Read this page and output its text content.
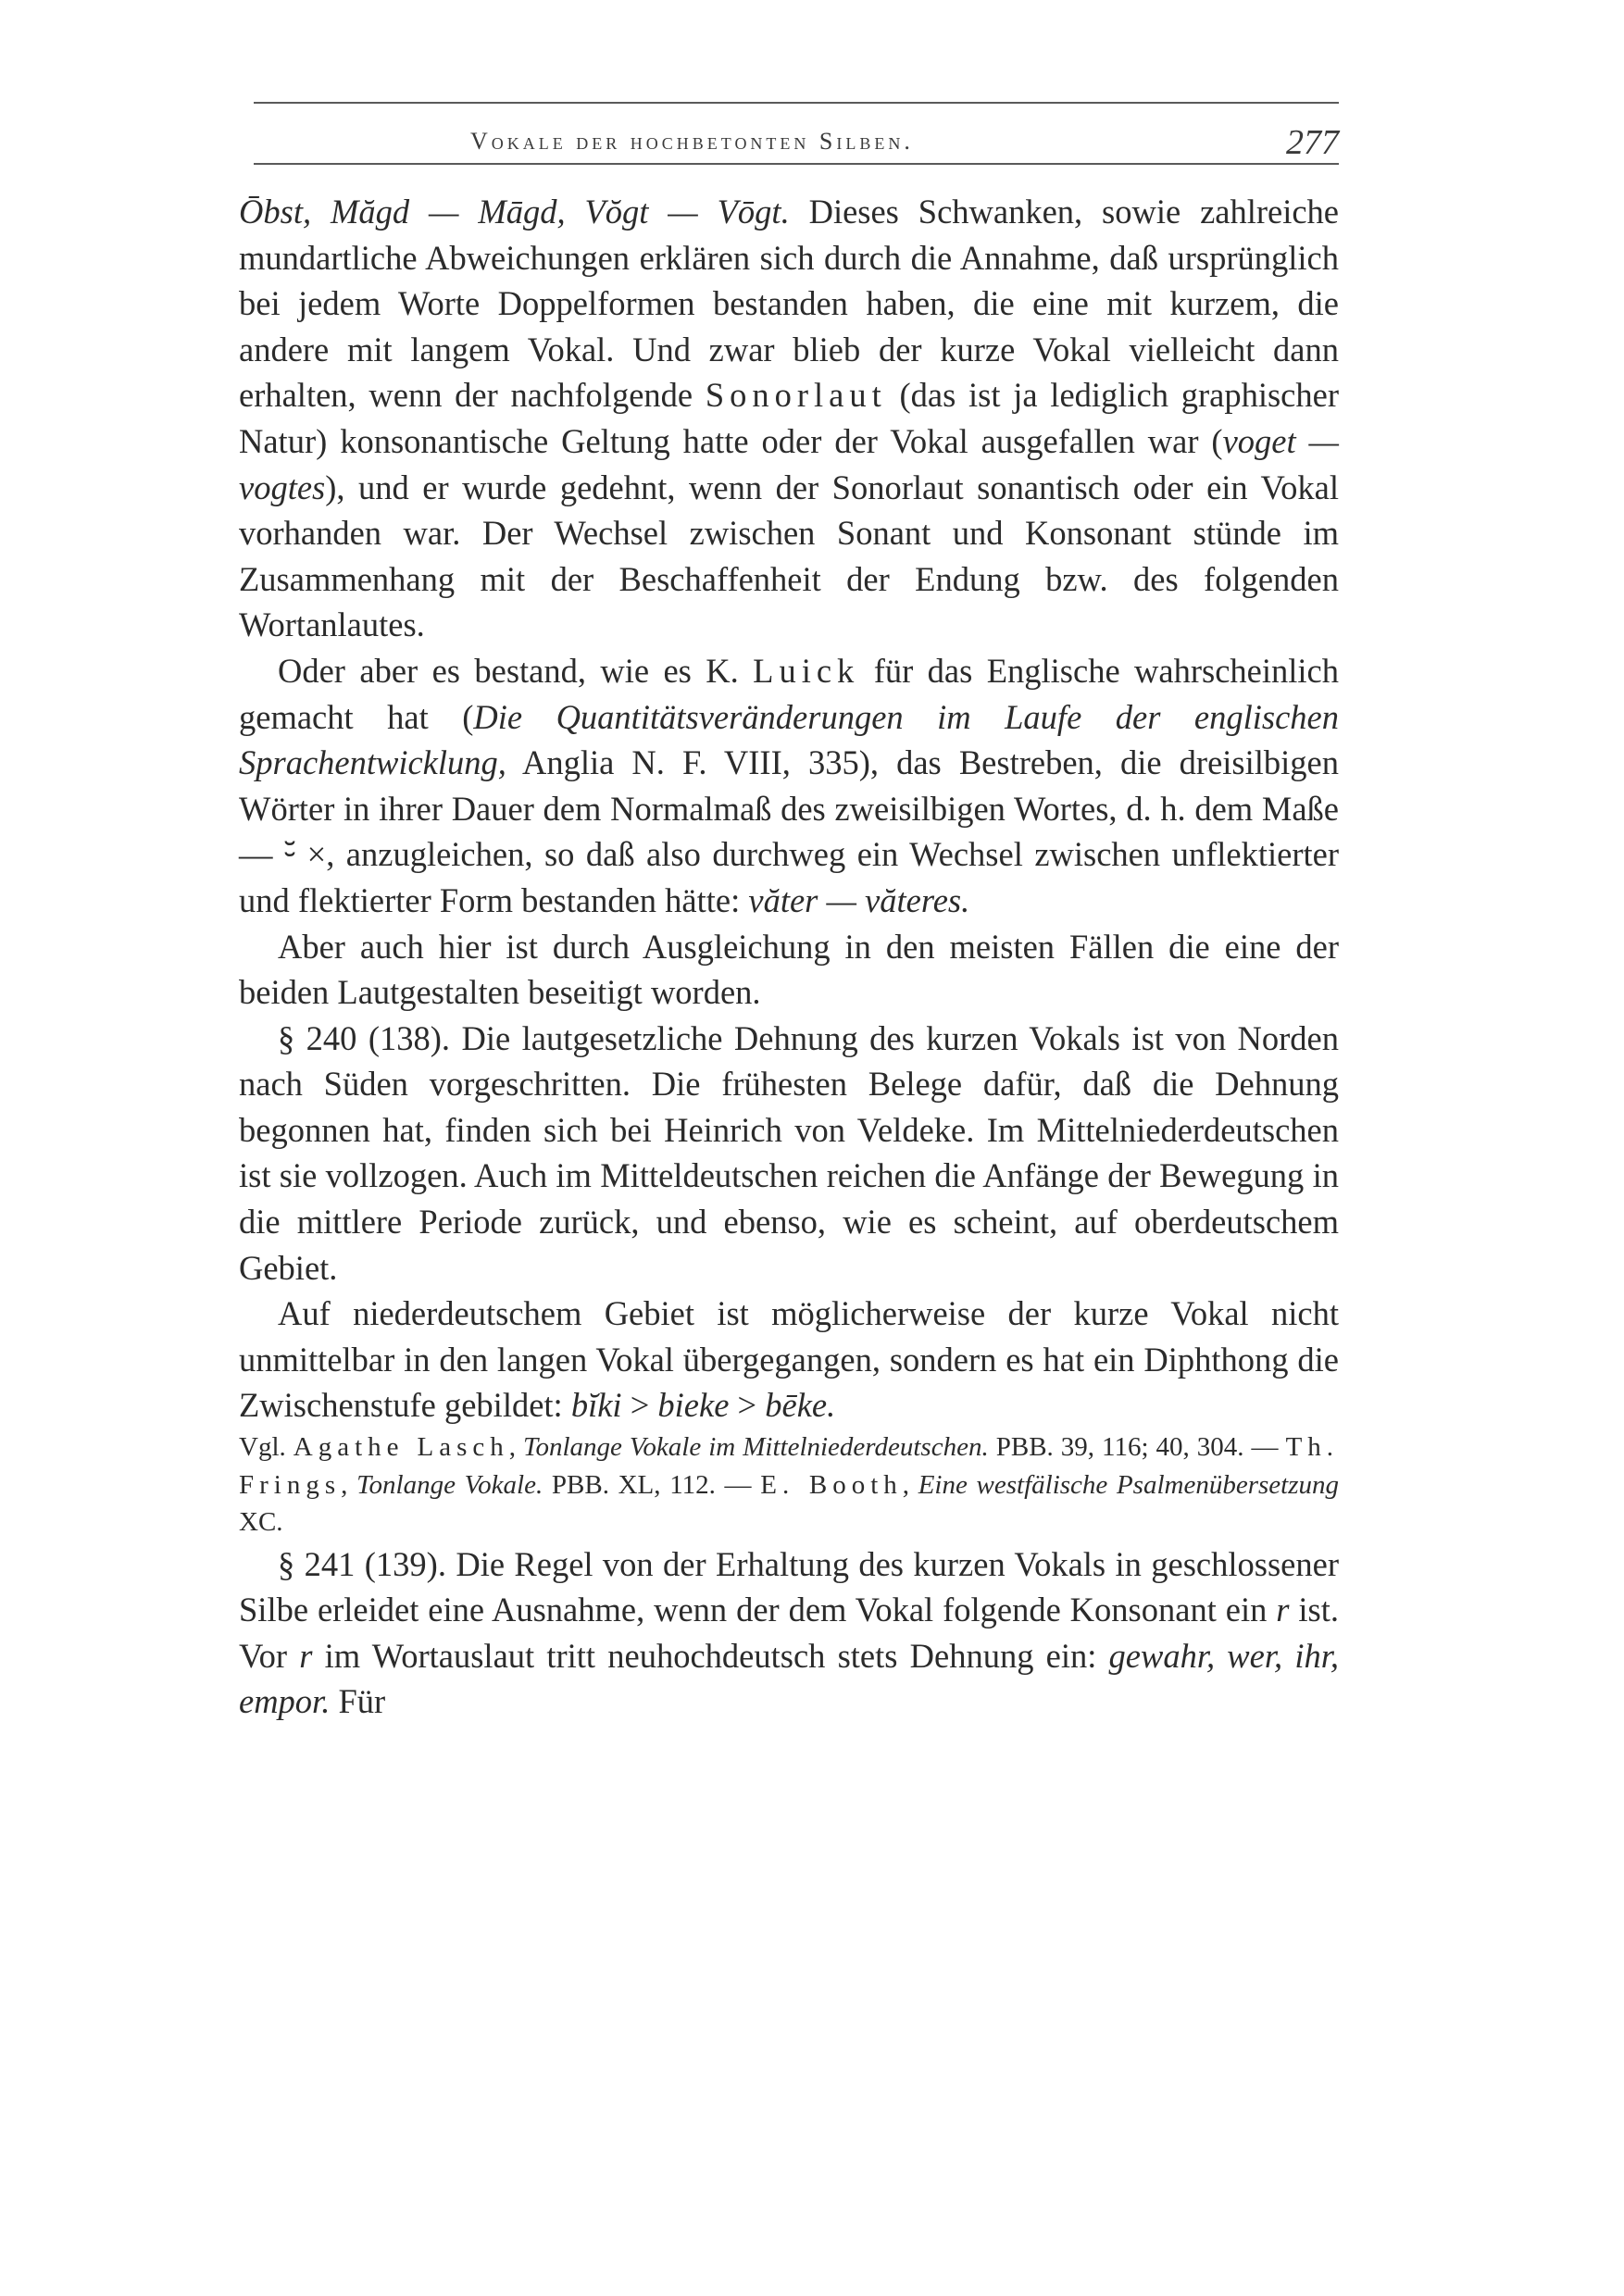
Vokale der hochbetonten Silben.	277

Ōbst, Măgd — Māgd, Vŏgt — Vōgt. Dieses Schwanken, sowie zahlreiche mundartliche Abweichungen erklären sich durch die Annahme, daß ursprünglich bei jedem Worte Doppelformen bestanden haben, die eine mit kurzem, die andere mit langem Vokal. Und zwar blieb der kurze Vokal vielleicht dann erhalten, wenn der nachfolgende Sonorlaut (das ist ja lediglich graphischer Natur) konsonantische Geltung hatte oder der Vokal ausgefallen war (voget — vogtes), und er wurde gedehnt, wenn der Sonorlaut sonantisch oder ein Vokal vorhanden war. Der Wechsel zwischen Sonant und Konsonant stünde im Zusammenhang mit der Beschaffenheit der Endung bzw. des folgenden Wortanlautes.

Oder aber es bestand, wie es K. Luick für das Englische wahrscheinlich gemacht hat (Die Quantitätsveränderungen im Laufe der englischen Sprachentwicklung, Anglia N. F. VIII, 335), das Bestreben, die dreisilbigen Wörter in ihrer Dauer dem Normalmaß des zweisilbigen Wortes, d. h. dem Maße — ⏑̆ ×, anzugleichen, so daß also durchweg ein Wechsel zwischen unflektierter und flektierter Form bestanden hätte: văter — văteres.

Aber auch hier ist durch Ausgleichung in den meisten Fällen die eine der beiden Lautgestalten beseitigt worden.

§ 240 (138). Die lautgesetzliche Dehnung des kurzen Vokals ist von Norden nach Süden vorgeschritten. Die frühesten Belege dafür, daß die Dehnung begonnen hat, finden sich bei Heinrich von Veldeke. Im Mittelniederdeutschen ist sie vollzogen. Auch im Mitteldeutschen reichen die Anfänge der Bewegung in die mittlere Periode zurück, und ebenso, wie es scheint, auf oberdeutschem Gebiet.

Auf niederdeutschem Gebiet ist möglicherweise der kurze Vokal nicht unmittelbar in den langen Vokal übergegangen, sondern es hat ein Diphthong die Zwischenstufe gebildet: bĭki > bieke > bēke.

Vgl. Agathe Lasch, Tonlange Vokale im Mittelniederdeutschen. PBB. 39, 116; 40, 304. — Th. Frings, Tonlange Vokale. PBB. XL, 112. — E. Booth, Eine westfälische Psalmenübersetzung XC.

§ 241 (139). Die Regel von der Erhaltung des kurzen Vokals in geschlossener Silbe erleidet eine Ausnahme, wenn der dem Vokal folgende Konsonant ein r ist. Vor r im Wortauslaut tritt neuhochdeutsch stets Dehnung ein: gewahr, wer, ihr, empor. Für
